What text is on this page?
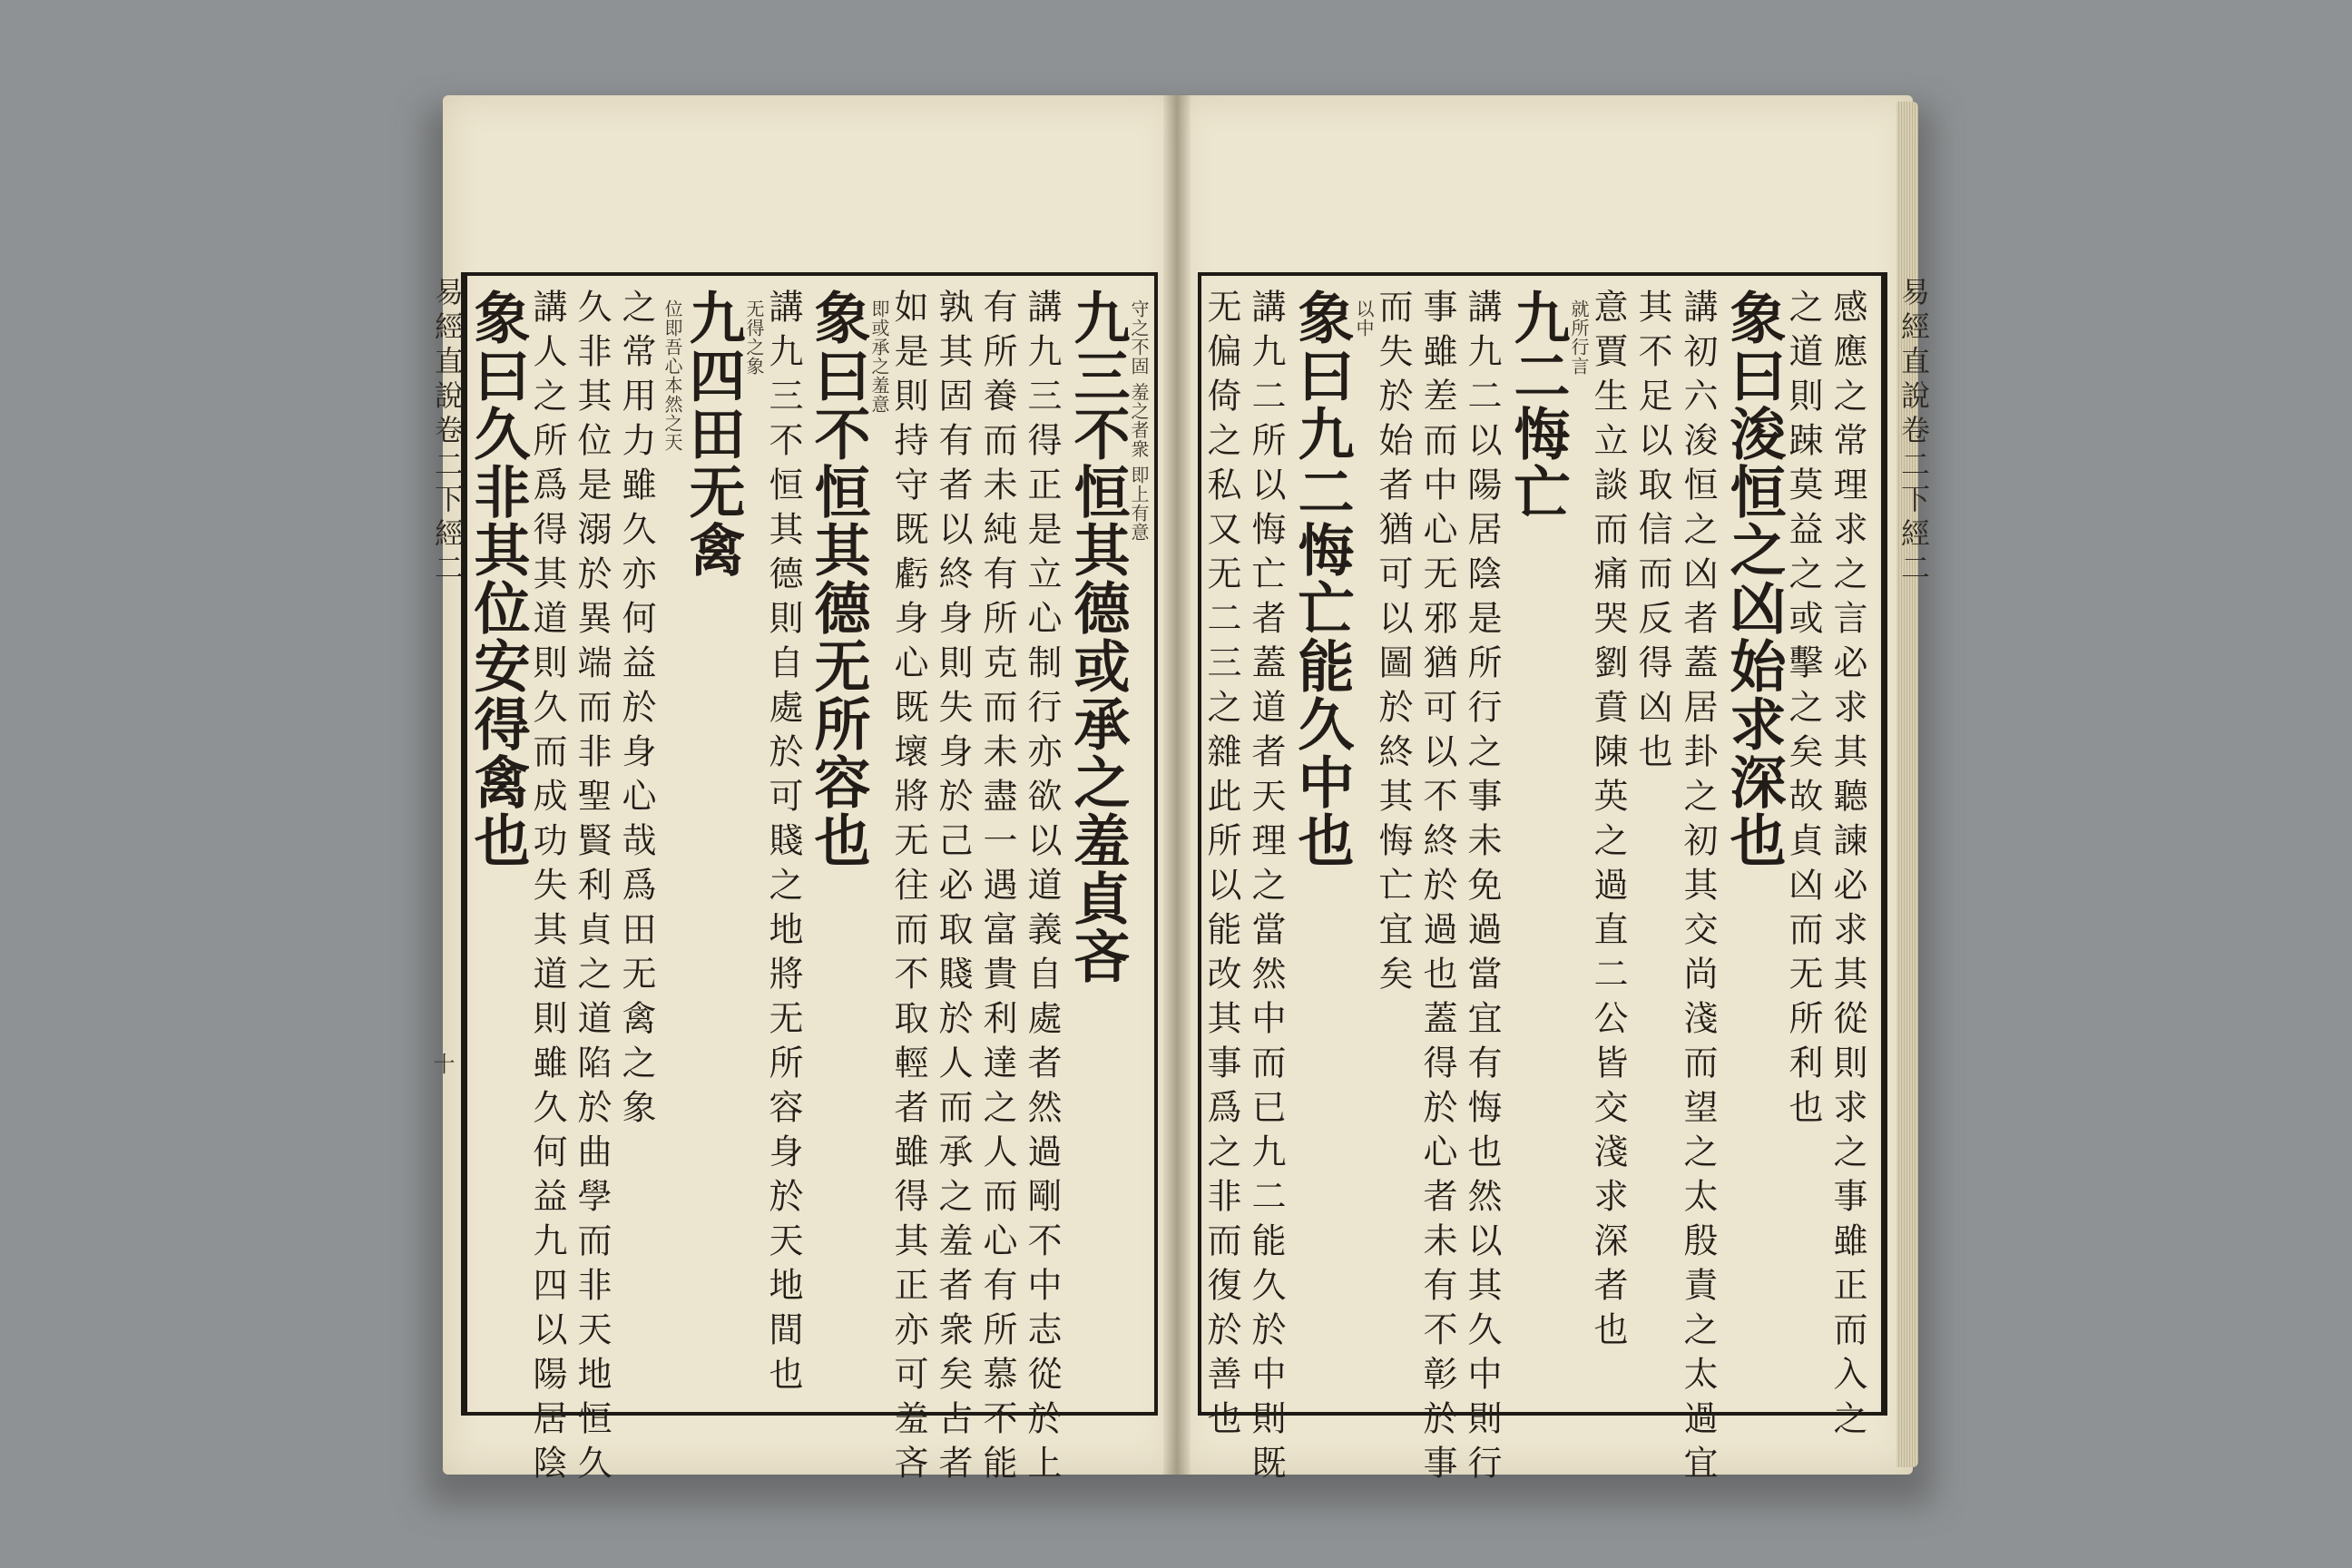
易經直說卷二下經二
十
易經直說卷二下經二
象曰久非其位安得禽也
講人之所爲得其道則久而成功失其道則雖久何益九四以陽居陰 久非其位是溺於異端而非聖賢利貞之道陷於曲學而非天地恒久 之常用力雖久亦何益於身心哉爲田无禽之象 位即吾心本然之天
九四田无禽
无得之象
講九三不恒其德則自處於可賤之地將无所容身於天地間也 象曰不恒其德无所容也
即或承之羞意
如是則持守既虧身心既壞將无往而不取輕者雖得其正亦可羞吝 孰其固有者以終身則失身於己必取賤於人而承之羞者衆矣占者 有所養而未純有所克而未盡一遇富貴利達之人而心有所慕不能 講九三得正是立心制行亦欲以道義自處者然過剛不中志從於上 九三不恒其德或承之羞貞吝
守之不固 羞之者衆 即上有意 无偏倚之私又无二三之雜此所以能改其事爲之非而復於善也 講九二所以悔亡者蓋道者天理之當然中而已九二能久於中則既 象曰九二悔亡能久中也
以中
而失於始者猶可以圖於終其悔亡宜矣 事雖差而中心无邪猶可以不終於過也蓋得於心者未有不彰於事 講九二以陽居陰是所行之事未免過當宜有悔也然以其久中則行 九二悔亡
就所行言
意賈生立談而痛哭劉賁陳英之過直二公皆交淺求深者也 其不足以取信而反得凶也 講初六浚恒之凶者蓋居卦之初其交尚淺而望之太殷責之太過宜 象曰浚恒之凶始求深也
之道則踈莫益之或擊之矣故貞凶而无所利也 感應之常理求之言必求其聽諫必求其從則求之事雖正而入之
